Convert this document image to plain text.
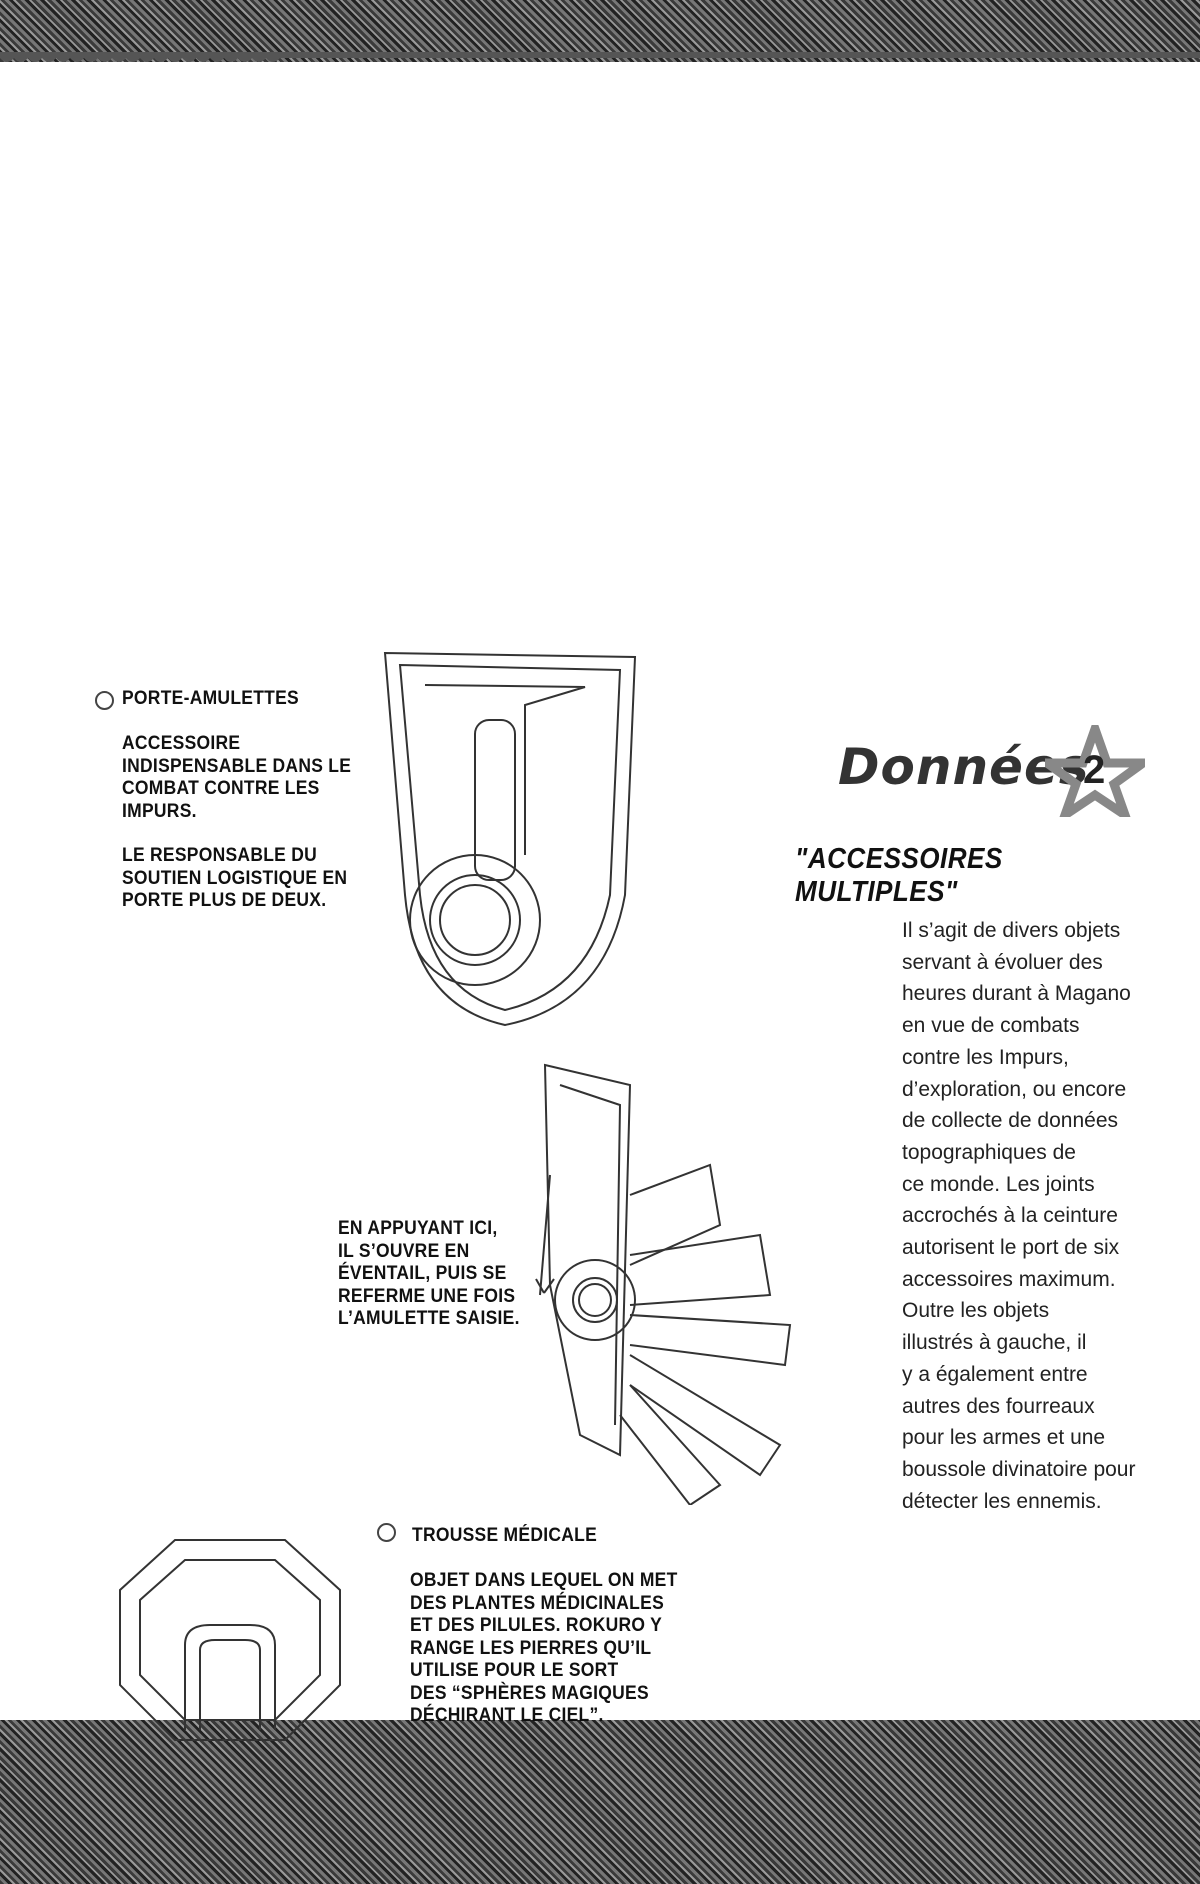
PORTE-AMULETTES
ACCESSOIRE
INDISPENSABLE DANS LE
COMBAT CONTRE LES
IMPURS.
LE RESPONSABLE DU
SOUTIEN LOGISTIQUE EN
PORTE PLUS DE DEUX.
Données
2
"ACCESSOIRES MULTIPLES"
Il s’agit de divers objets
servant à évoluer des
heures durant à Magano
en vue de combats
contre les Impurs,
d’exploration, ou encore
de collecte de données
topographiques de
ce monde. Les joints
accrochés à la ceinture
autorisent le port de six
accessoires maximum.
Outre les objets
illustrés à gauche, il
y a également entre
autres des fourreaux
pour les armes et une
boussole divinatoire pour
détecter les ennemis.
EN APPUYANT ICI,
IL S’OUVRE EN
ÉVENTAIL, PUIS SE
REFERME UNE FOIS
L’AMULETTE SAISIE.
TROUSSE MÉDICALE
OBJET DANS LEQUEL ON MET
DES PLANTES MÉDICINALES
ET DES PILULES. ROKURO Y
RANGE LES PIERRES QU’IL
UTILISE POUR LE SORT
DES “SPHÈRES MAGIQUES
DÉCHIRANT LE CIEL”.
